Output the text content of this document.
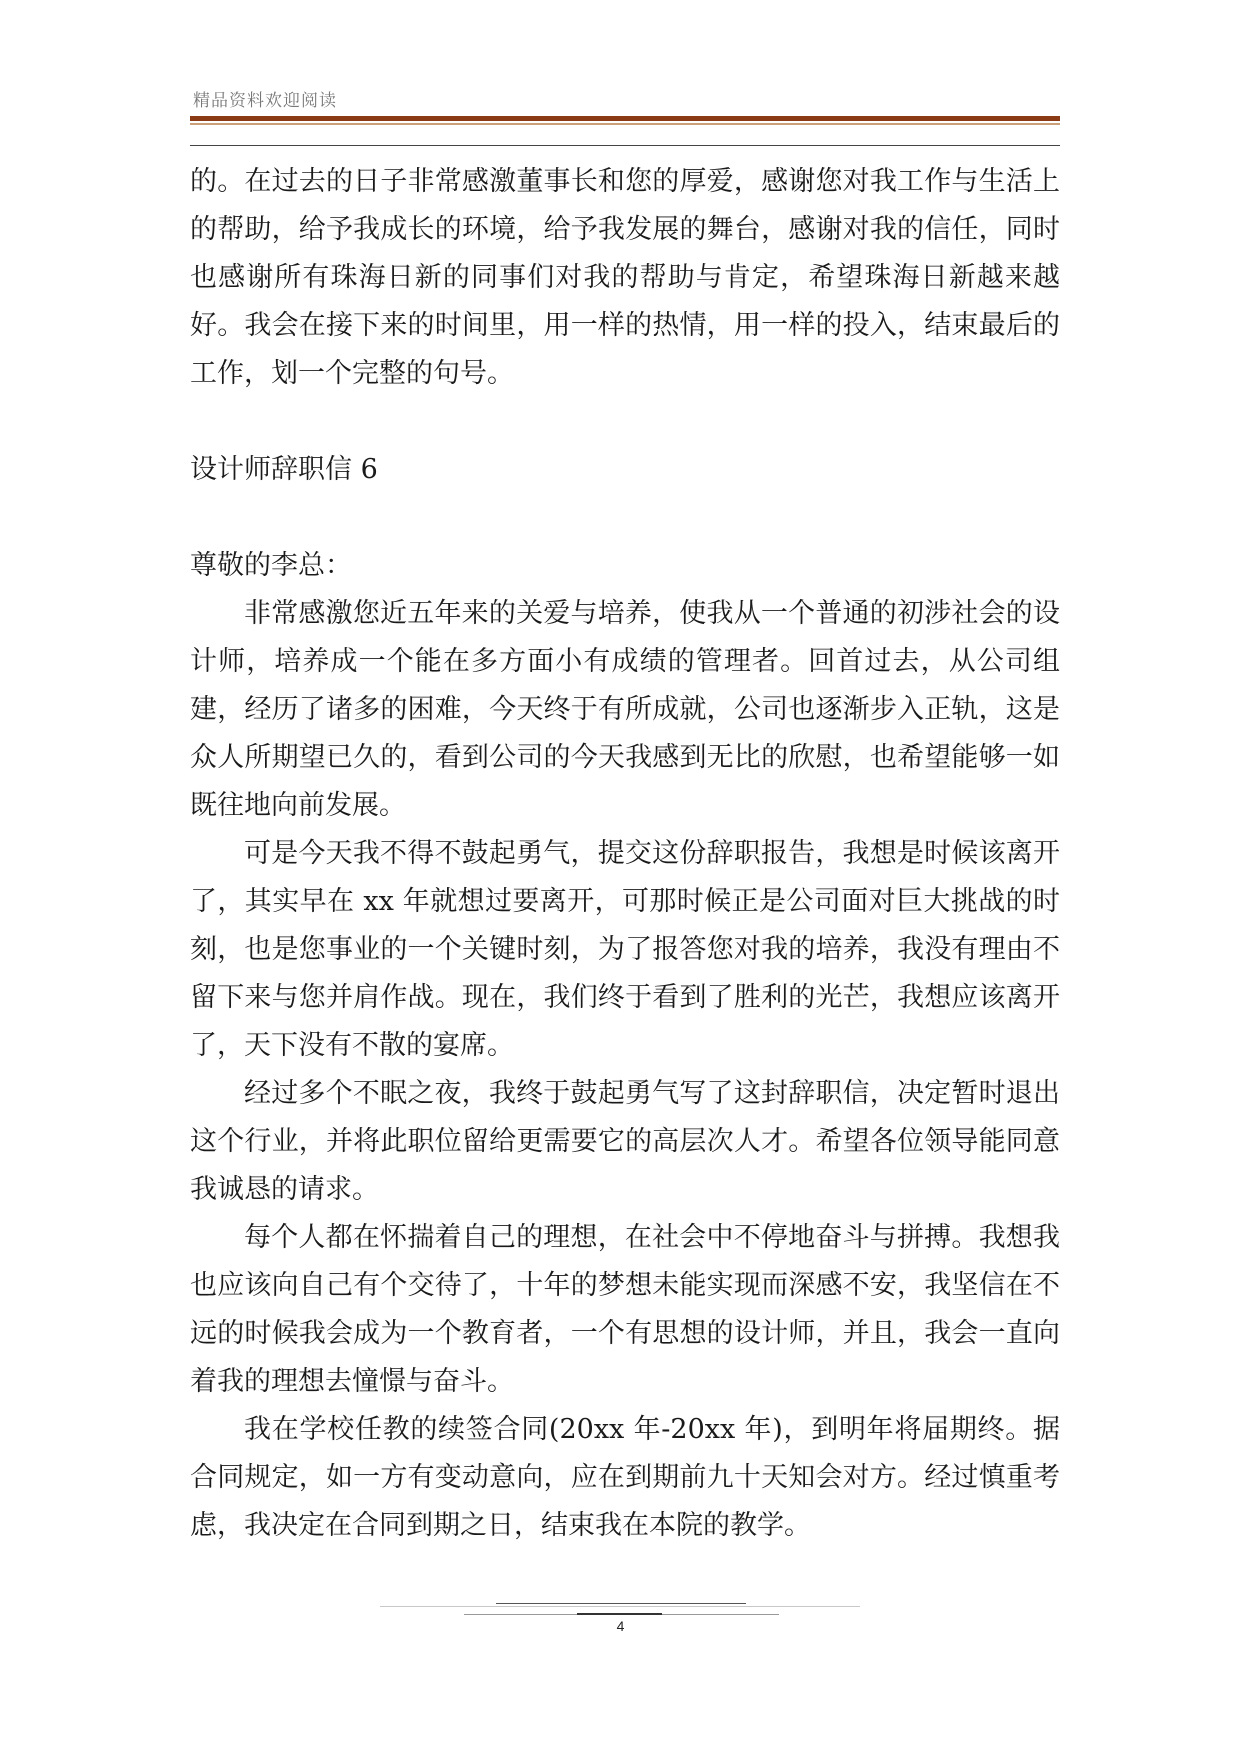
精品资料欢迎阅读

的。在过去的日子非常感激董事长和您的厚爱，感谢您对我工作与生活上的帮助，给予我成长的环境，给予我发展的舞台，感谢对我的信任，同时也感谢所有珠海日新的同事们对我的帮助与肯定，希望珠海日新越来越好。我会在接下来的时间里，用一样的热情，用一样的投入，结束最后的工作，划一个完整的句号。

设计师辞职信 6

尊敬的李总：

非常感激您近五年来的关爱与培养，使我从一个普通的初涉社会的设计师，培养成一个能在多方面小有成绩的管理者。回首过去，从公司组建，经历了诸多的困难，今天终于有所成就，公司也逐渐步入正轨，这是众人所期望已久的，看到公司的今天我感到无比的欣慰，也希望能够一如既往地向前发展。

可是今天我不得不鼓起勇气，提交这份辞职报告，我想是时候该离开了，其实早在 xx 年就想过要离开，可那时候正是公司面对巨大挑战的时刻，也是您事业的一个关键时刻，为了报答您对我的培养，我没有理由不留下来与您并肩作战。现在，我们终于看到了胜利的光芒，我想应该离开了，天下没有不散的宴席。

经过多个不眠之夜，我终于鼓起勇气写了这封辞职信，决定暂时退出这个行业，并将此职位留给更需要它的高层次人才。希望各位领导能同意我诚恳的请求。

每个人都在怀揣着自己的理想，在社会中不停地奋斗与拼搏。我想我也应该向自己有个交待了，十年的梦想未能实现而深感不安，我坚信在不远的时候我会成为一个教育者，一个有思想的设计师，并且，我会一直向着我的理想去憧憬与奋斗。

我在学校任教的续签合同(20xx 年-20xx 年)，到明年将届期终。据合同规定，如一方有变动意向，应在到期前九十天知会对方。经过慎重考虑，我决定在合同到期之日，结束我在本院的教学。

4
